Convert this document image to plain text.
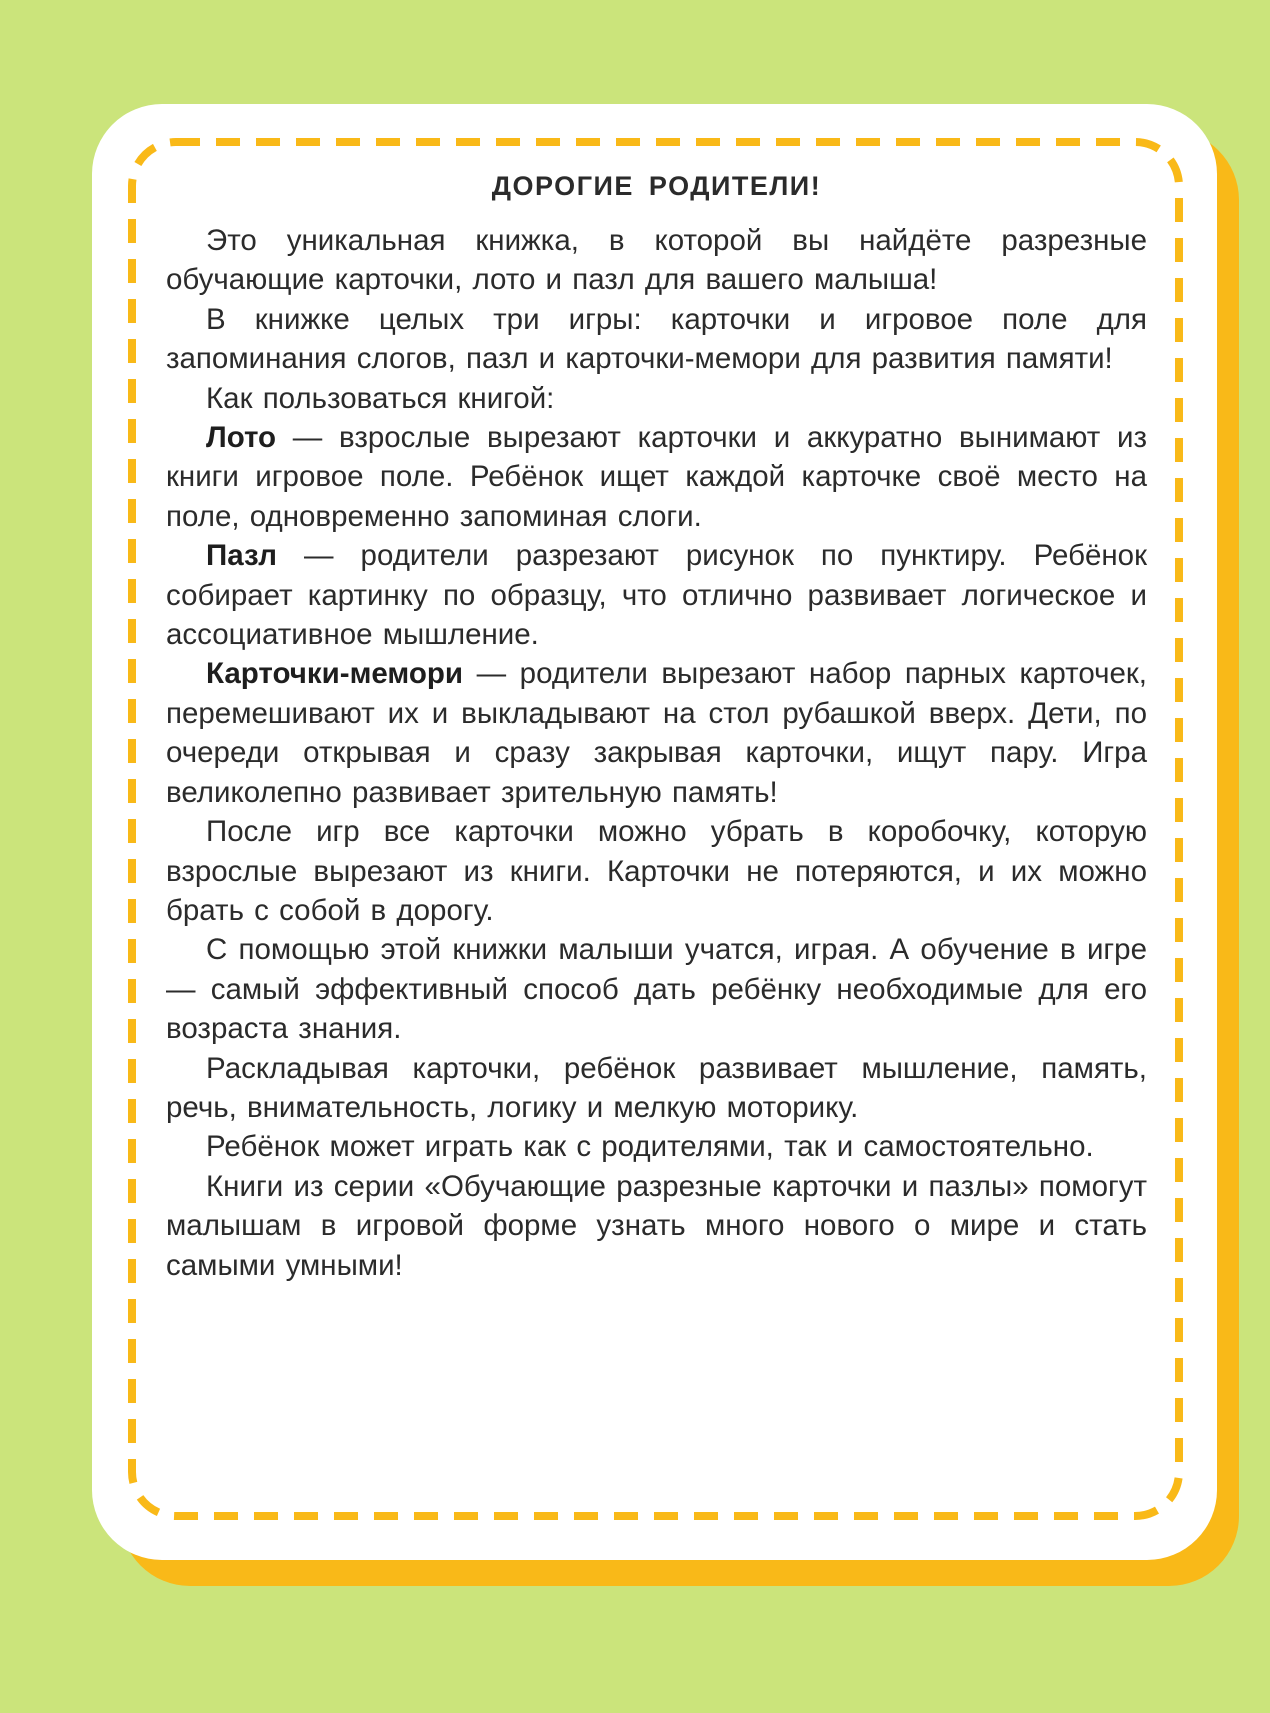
ДОРОГИЕ РОДИТЕЛИ!

Это уникальная книжка, в которой вы найдёте разрезные обучающие карточки, лото и пазл для вашего малыша!

В книжке целых три игры: карточки и игровое поле для запоминания слогов, пазл и карточки-мемори для развития памяти!

Как пользоваться книгой:

Лото — взрослые вырезают карточки и аккуратно вынимают из книги игровое поле. Ребёнок ищет каждой карточке своё место на поле, одновременно запоминая слоги.

Пазл — родители разрезают рисунок по пунктиру. Ребёнок собирает картинку по образцу, что отлично развивает логическое и ассоциативное мышление.

Карточки-мемори — родители вырезают набор парных карточек, перемешивают их и выкладывают на стол рубашкой вверх. Дети, по очереди открывая и сразу закрывая карточки, ищут пару. Игра великолепно развивает зрительную память!

После игр все карточки можно убрать в коробочку, которую взрослые вырезают из книги. Карточки не потеряются, и их можно брать с собой в дорогу.

С помощью этой книжки малыши учатся, играя. А обучение в игре — самый эффективный способ дать ребёнку необходимые для его возраста знания.

Раскладывая карточки, ребёнок развивает мышление, память, речь, внимательность, логику и мелкую моторику.

Ребёнок может играть как с родителями, так и самостоятельно.

Книги из серии «Обучающие разрезные карточки и пазлы» помогут малышам в игровой форме узнать много нового о мире и стать самыми умными!
